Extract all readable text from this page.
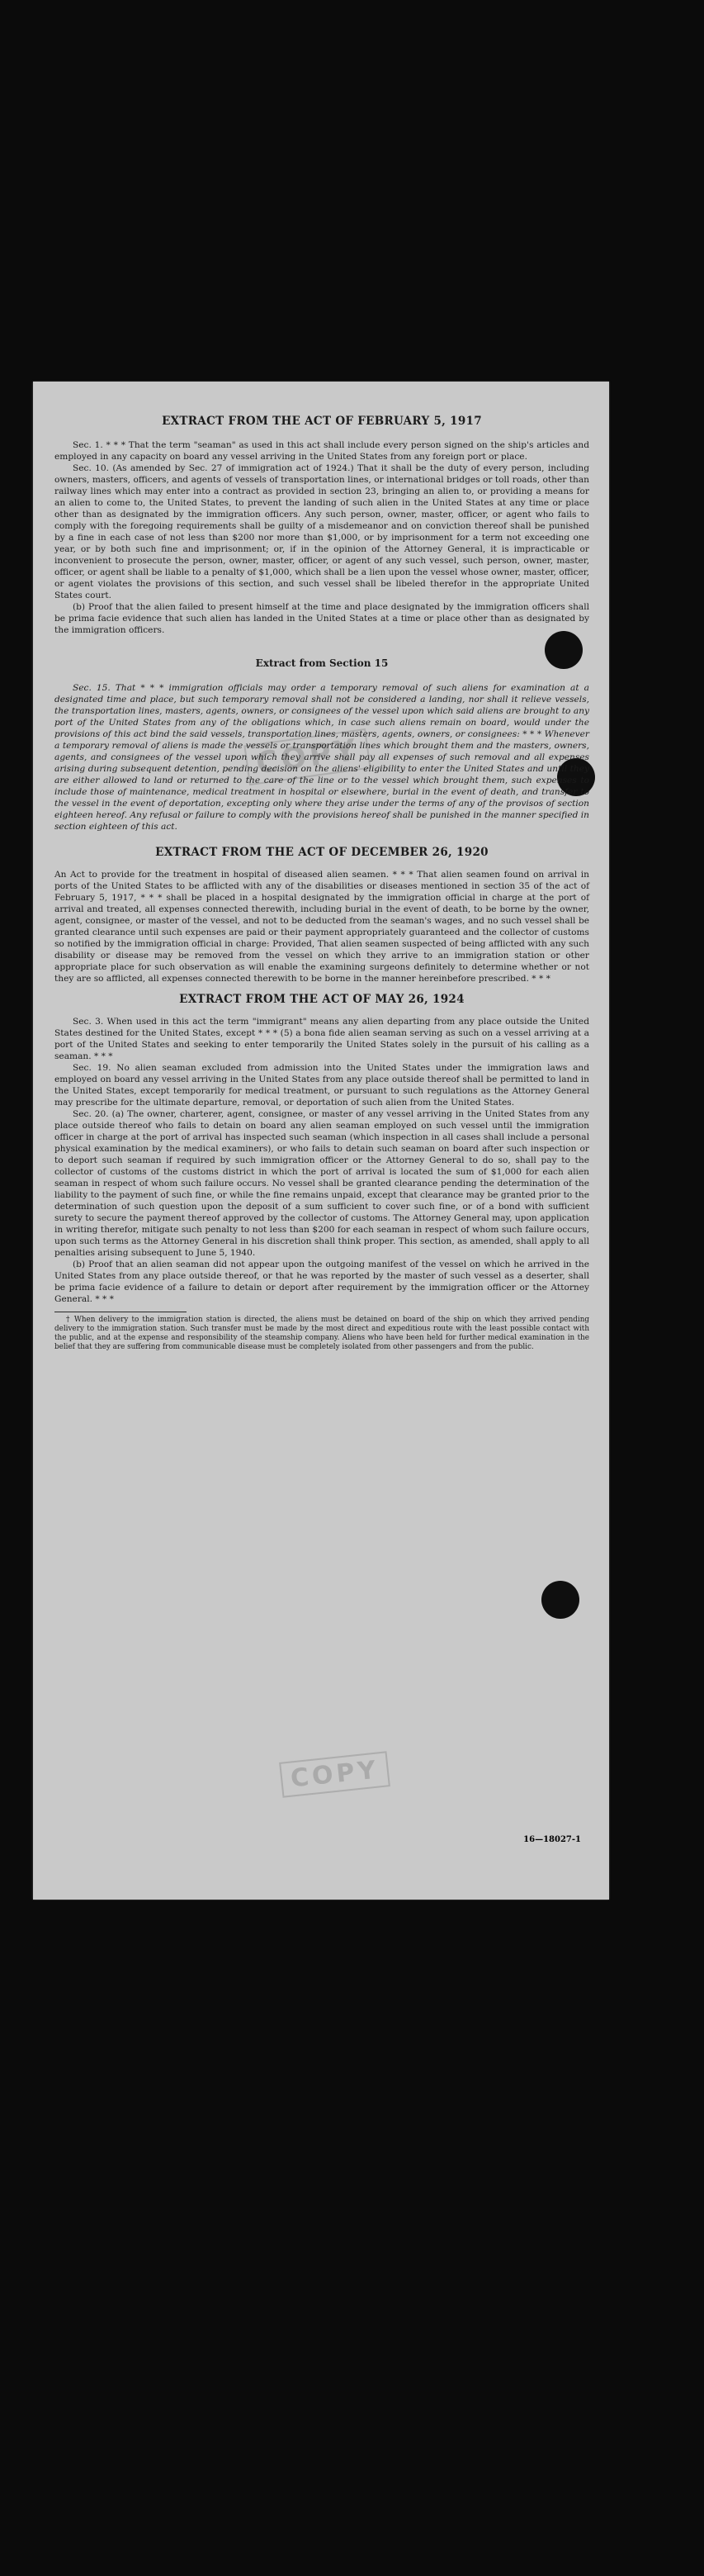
COPY
COPY
EXTRACT FROM THE ACT OF FEBRUARY 5, 1917

Sec. 1. * * * That the term "seaman" as used in this act shall include every person signed on the ship's articles and employed in any capacity on board any vessel arriving in the United States from any foreign port or place.

Sec. 10. (As amended by Sec. 27 of immigration act of 1924.) That it shall be the duty of every person, including owners, masters, officers, and agents of vessels of transportation lines, or international bridges or toll roads, other than railway lines which may enter into a contract as provided in section 23, bringing an alien to, or providing a means for an alien to come to, the United States, to prevent the landing of such alien in the United States at any time or place other than as designated by the immigration officers. Any such person, owner, master, officer, or agent who fails to comply with the foregoing requirements shall be guilty of a misdemeanor and on conviction thereof shall be punished by a fine in each case of not less than $200 nor more than $1,000, or by imprisonment for a term not exceeding one year, or by both such fine and imprisonment; or, if in the opinion of the Attorney General, it is impracticable or inconvenient to prosecute the person, owner, master, officer, or agent of any such vessel, such person, owner, master, officer, or agent shall be liable to a penalty of $1,000, which shall be a lien upon the vessel whose owner, master, officer, or agent violates the provisions of this section, and such vessel shall be libeled therefor in the appropriate United States court.

(b) Proof that the alien failed to present himself at the time and place designated by the immigration officers shall be prima facie evidence that such alien has landed in the United States at a time or place other than as designated by the immigration officers.

Extract from Section 15

Sec. 15. That * * * immigration officials may order a temporary removal of such aliens for examination at a designated time and place, but such temporary removal shall not be considered a landing, nor shall it relieve vessels, the transportation lines, masters, agents, owners, or consignees of the vessel upon which said aliens are brought to any port of the United States from any of the obligations which, in case such aliens remain on board, would under the provisions of this act bind the said vessels, transportation lines, masters, agents, owners, or consignees: * * * Whenever a temporary removal of aliens is made the vessels or transportation lines which brought them and the masters, owners, agents, and consignees of the vessel upon which they arrive shall pay all expenses of such removal and all expenses arising during subsequent detention, pending decision on the aliens' eligibility to enter the United States and until they are either allowed to land or returned to the care of the line or to the vessel which brought them, such expenses to include those of maintenance, medical treatment in hospital or elsewhere, burial in the event of death, and transfer to the vessel in the event of deportation, excepting only where they arise under the terms of any of the provisos of section eighteen hereof. Any refusal or failure to comply with the provisions hereof shall be punished in the manner specified in section eighteen of this act.

EXTRACT FROM THE ACT OF DECEMBER 26, 1920

An Act to provide for the treatment in hospital of diseased alien seamen. * * * That alien seamen found on arrival in ports of the United States to be afflicted with any of the disabilities or diseases mentioned in section 35 of the act of February 5, 1917, * * * shall be placed in a hospital designated by the immigration official in charge at the port of arrival and treated, all expenses connected therewith, including burial in the event of death, to be borne by the owner, agent, consignee, or master of the vessel, and not to be deducted from the seaman's wages, and no such vessel shall be granted clearance until such expenses are paid or their payment appropriately guaranteed and the collector of customs so notified by the immigration official in charge: Provided, That alien seamen suspected of being afflicted with any such disability or disease may be removed from the vessel on which they arrive to an immigration station or other appropriate place for such observation as will enable the examining surgeons definitely to determine whether or not they are so afflicted, all expenses connected therewith to be borne in the manner hereinbefore prescribed. * * *

EXTRACT FROM THE ACT OF MAY 26, 1924

Sec. 3. When used in this act the term "immigrant" means any alien departing from any place outside the United States destined for the United States, except * * * (5) a bona fide alien seaman serving as such on a vessel arriving at a port of the United States and seeking to enter temporarily the United States solely in the pursuit of his calling as a seaman. * * *

Sec. 19. No alien seaman excluded from admission into the United States under the immigration laws and employed on board any vessel arriving in the United States from any place outside thereof shall be permitted to land in the United States, except temporarily for medical treatment, or pursuant to such regulations as the Attorney General may prescribe for the ultimate departure, removal, or deportation of such alien from the United States.

Sec. 20. (a) The owner, charterer, agent, consignee, or master of any vessel arriving in the United States from any place outside thereof who fails to detain on board any alien seaman employed on such vessel until the immigration officer in charge at the port of arrival has inspected such seaman (which inspection in all cases shall include a personal physical examination by the medical examiners), or who fails to detain such seaman on board after such inspection or to deport such seaman if required by such immigration officer or the Attorney General to do so, shall pay to the collector of customs of the customs district in which the port of arrival is located the sum of $1,000 for each alien seaman in respect of whom such failure occurs. No vessel shall be granted clearance pending the determination of the liability to the payment of such fine, or while the fine remains unpaid, except that clearance may be granted prior to the determination of such question upon the deposit of a sum sufficient to cover such fine, or of a bond with sufficient surety to secure the payment thereof approved by the collector of customs. The Attorney General may, upon application in writing therefor, mitigate such penalty to not less than $200 for each seaman in respect of whom such failure occurs, upon such terms as the Attorney General in his discretion shall think proper. This section, as amended, shall apply to all penalties arising subsequent to June 5, 1940.

(b) Proof that an alien seaman did not appear upon the outgoing manifest of the vessel on which he arrived in the United States from any place outside thereof, or that he was reported by the master of such vessel as a deserter, shall be prima facie evidence of a failure to detain or deport after requirement by the immigration officer or the Attorney General. * * *

† When delivery to the immigration station is directed, the aliens must be detained on board of the ship on which they arrived pending delivery to the immigration station. Such transfer must be made by the most direct and expeditious route with the least possible contact with the public, and at the expense and responsibility of the steamship company. Aliens who have been held for further medical examination in the belief that they are suffering from communicable disease must be completely isolated from other passengers and from the public.

16—18027-1
